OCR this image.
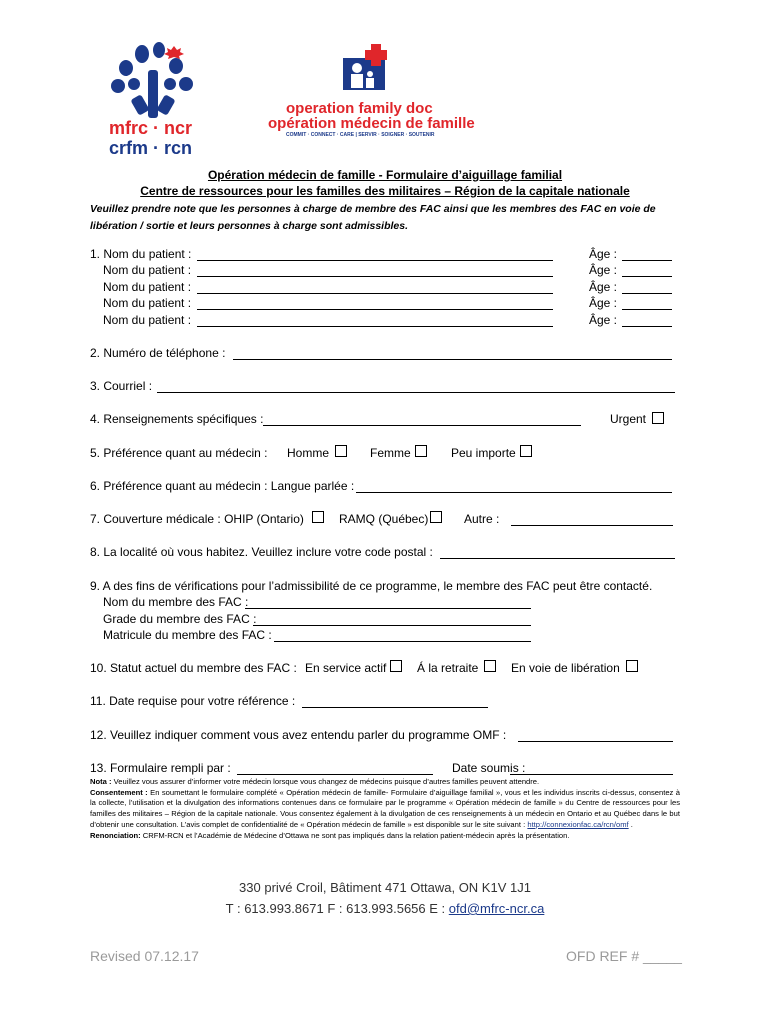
mfrc · ncr
crfm · rcn
operation family doc
opération médecin de famille
COMMIT · CONNECT · CARE | SERVIR · SOIGNER · SOUTENIR
Opération médecin de famille - Formulaire d’aiguillage familial
Centre de ressources pour les familles des militaires – Région de la capitale nationale
Veuillez prendre note que les personnes à charge de membre des FAC ainsi que les membres des FAC en voie de
libération / sortie et leurs personnes à charge sont admissibles.
1. Nom du patient :	Âge :
Nom du patient :	Âge :
Nom du patient :	Âge :
Nom du patient :	Âge :
Nom du patient :	Âge :
2. Numéro de téléphone :
3. Courriel :
4. Renseignements spécifiques :	Urgent
5. Préférence quant au médecin : Homme	Femme	Peu importe
6. Préférence quant au médecin : Langue parlée :
7. Couverture médicale : OHIP (Ontario)	RAMQ (Québec)	Autre :
8. La localité où vous habitez. Veuillez inclure votre code postal :
9. A des fins de vérifications pour l’admissibilité de ce programme, le membre des FAC peut être contacté.
Nom du membre des FAC :
Grade du membre des FAC :
Matricule du membre des FAC :
10. Statut actuel du membre des FAC : En service actif	Á la retraite	En voie de libération
11. Date requise pour votre référence :
12. Veuillez indiquer comment vous avez entendu parler du programme OMF :
13. Formulaire rempli par :	Date soumis :
Nota : Veuillez vous assurer d’informer votre médecin lorsque vous changez de médecins puisque d’autres familles peuvent attendre.
Consentement : En soumettant le formulaire complété « Opération médecin de famille- Formulaire d’aiguillage familial », vous et les individus inscrits ci-dessus, consentez à la collecte, l’utilisation et la divulgation des informations contenues dans ce formulaire par le programme « Opération médecin de famille » du Centre de ressources pour les familles des militaires – Région de la capitale nationale. Vous consentez également à la divulgation de ces renseignements à un médecin en Ontario et au Québec dans le but d’obtenir une consultation. L’avis complet de confidentialité de « Opération médecin de famille » est disponible sur le site suivant : http://connexionfac.ca/rcn/omf .
Renonciation: CRFM-RCN et l’Académie de Médecine d’Ottawa ne sont pas impliqués dans la relation patient-médecin après la présentation.
330 privé Croil, Bâtiment 471 Ottawa, ON K1V 1J1
T : 613.993.8671 F : 613.993.5656 E : ofd@mfrc-ncr.ca
Revised 07.12.17	OFD REF # _____
